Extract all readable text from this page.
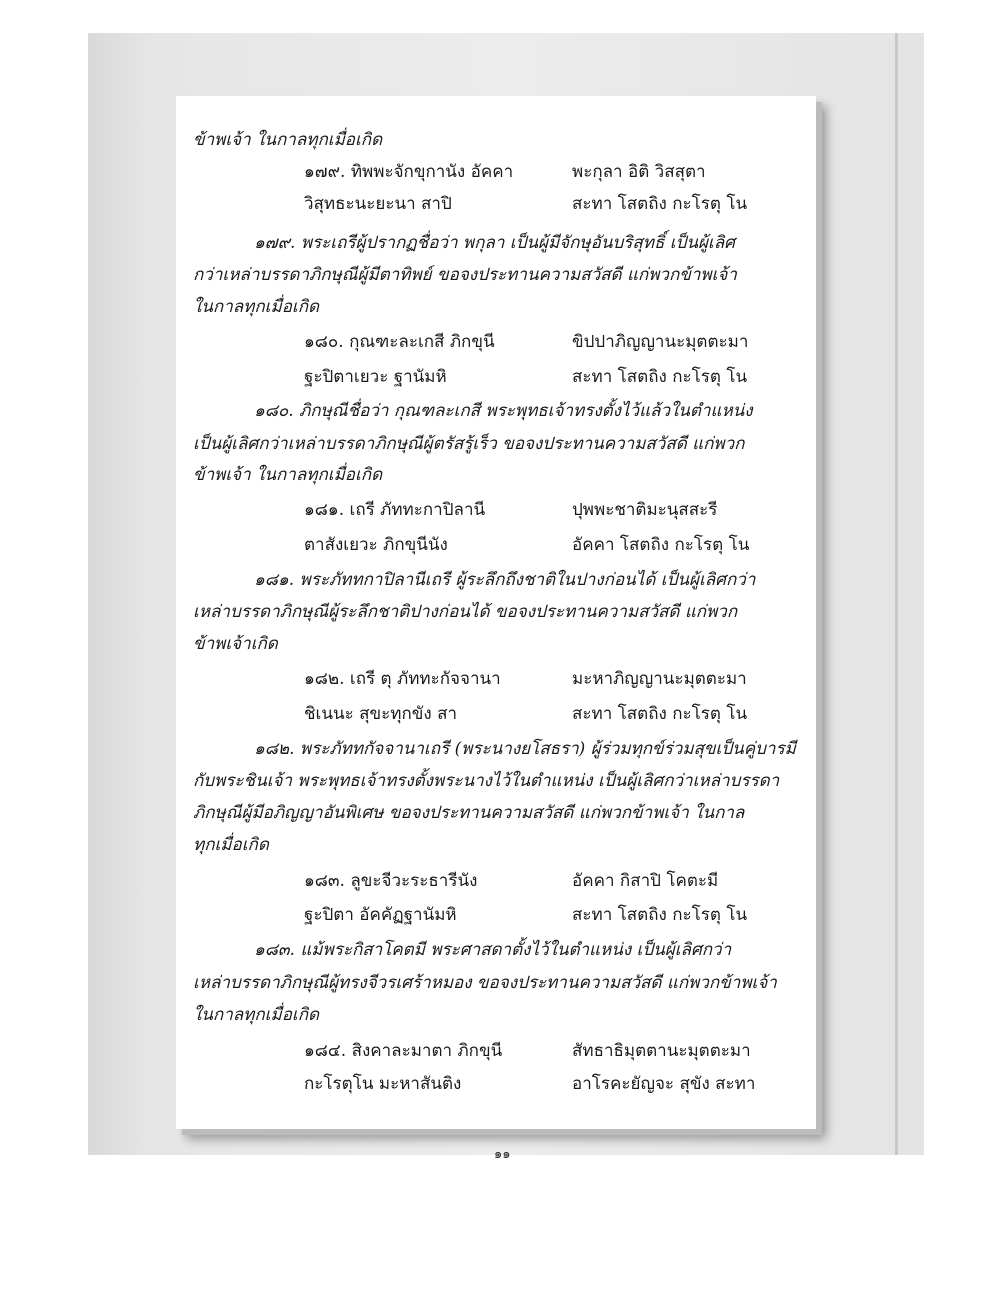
ข้าพเจ้า ในกาลทุกเมื่อเกิด
๑๗๙. ทิพพะจักขุกานัง อัคคา	พะกุลา อิติ วิสสุตา
วิสุทธะนะยะนา สาปิ	สะทา โสตถิง กะโรตุ โน
๑๗๙. พระเถรีผู้ปรากฏชื่อว่า พกุลา เป็นผู้มีจักษุอันบริสุทธิ์ เป็นผู้เลิศ
กว่าเหล่าบรรดาภิกษุณีผู้มีตาทิพย์ ขอจงประทานความสวัสดี แก่พวกข้าพเจ้า
ในกาลทุกเมื่อเกิด
๑๘๐. กุณฑะละเกสี ภิกขุนี	ขิปปาภิญญานะมุตตะมา
ฐะปิตาเยวะ ฐานัมหิ	สะทา โสตถิง กะโรตุ โน
๑๘๐. ภิกษุณีชื่อว่า กุณฑละเกสี พระพุทธเจ้าทรงตั้งไว้แล้วในตำแหน่ง
เป็นผู้เลิศกว่าเหล่าบรรดาภิกษุณีผู้ตรัสรู้เร็ว ขอจงประทานความสวัสดี แก่พวก
ข้าพเจ้า ในกาลทุกเมื่อเกิด
๑๘๑. เถรี ภัททะกาปิลานี	ปุพพะชาติมะนุสสะรี
ตาสังเยวะ ภิกขุนีนัง	อัคคา โสตถิง กะโรตุ โน
๑๘๑. พระภัททกาปิลานีเถรี ผู้ระลึกถึงชาติในปางก่อนได้ เป็นผู้เลิศกว่า
เหล่าบรรดาภิกษุณีผู้ระลึกชาติปางก่อนได้ ขอจงประทานความสวัสดี แก่พวก
ข้าพเจ้าเกิด
๑๘๒. เถรี ตุ ภัททะกัจจานา	มะหาภิญญานะมุตตะมา
ชิเนนะ สุขะทุกขัง สา	สะทา โสตถิง กะโรตุ โน
๑๘๒. พระภัททกัจจานาเถรี (พระนางยโสธรา) ผู้ร่วมทุกข์ร่วมสุขเป็นคู่บารมี
กับพระชินเจ้า พระพุทธเจ้าทรงตั้งพระนางไว้ในตำแหน่ง เป็นผู้เลิศกว่าเหล่าบรรดา
ภิกษุณีผู้มีอภิญญาอันพิเศษ ขอจงประทานความสวัสดี แก่พวกข้าพเจ้า ในกาล
ทุกเมื่อเกิด
๑๘๓. ลูขะจีวะระธารีนัง	อัคคา กิสาปิ โคตะมี
ฐะปิตา อัคคัฏฐานัมหิ	สะทา โสตถิง กะโรตุ โน
๑๘๓. แม้พระกิสาโคตมี พระศาสดาตั้งไว้ในตำแหน่ง เป็นผู้เลิศกว่า
เหล่าบรรดาภิกษุณีผู้ทรงจีวรเศร้าหมอง ขอจงประทานความสวัสดี แก่พวกข้าพเจ้า
ในกาลทุกเมื่อเกิด
๑๘๔. สิงคาละมาตา ภิกขุนี	สัทธาธิมุตตานะมุตตะมา
กะโรตุโน มะหาสันติง	อาโรคะยัญจะ สุขัง สะทา
๑๑
